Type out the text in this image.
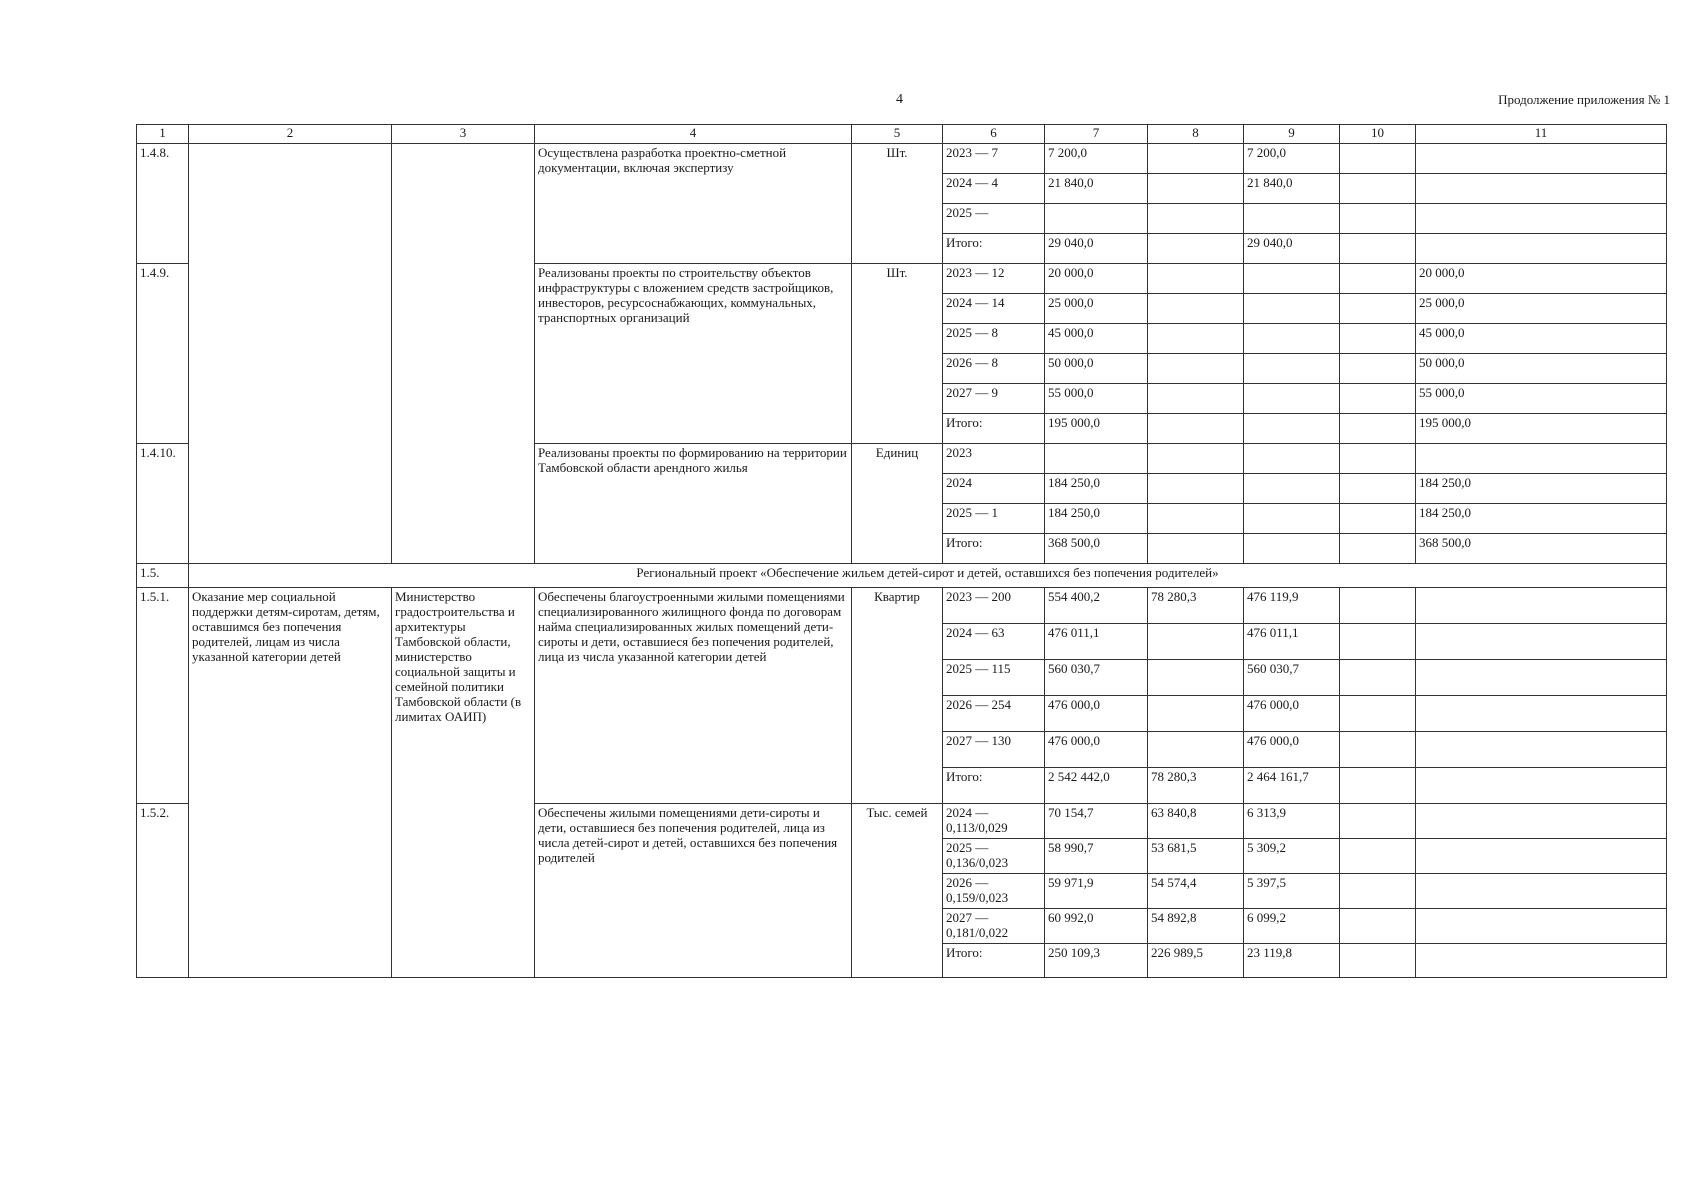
4	Продолжение приложения № 1
1	2	3	4	5	6	7	8	9	10	11
1.4.8.			Осуществлена разработка проектно-сметной документации, включая экспертизу	Шт.	2023 — 7	7 200,0		7 200,0		
					2024 — 4	21 840,0		21 840,0		
					2025 —					
					Итого:	29 040,0		29 040,0		
1.4.9.			Реализованы проекты по строительству объектов инфраструктуры с вложением средств застройщиков, инвесторов, ресурсоснабжающих, коммунальных, транспортных организаций	Шт.	2023 — 12	20 000,0				20 000,0
					2024 — 14	25 000,0				25 000,0
					2025 — 8	45 000,0				45 000,0
					2026 — 8	50 000,0				50 000,0
					2027 — 9	55 000,0				55 000,0
					Итого:	195 000,0				195 000,0
1.4.10.			Реализованы проекты по формированию на территории Тамбовской области арендного жилья	Единиц	2023					
					2024	184 250,0				184 250,0
					2025 — 1	184 250,0				184 250,0
					Итого:	368 500,0				368 500,0
1.5.	Региональный проект «Обеспечение жильем детей-сирот и детей, оставшихся без попечения родителей»									
1.5.1.	Оказание мер социальной поддержки детям-сиротам, детям, оставшимся без попечения родителей, лицам из числа указанной категории детей	Министерство градостроительства и архитектуры Тамбовской области, министерство социальной защиты и семейной политики Тамбовской области (в лимитах ОАИП)	Обеспечены благоустроенными жилыми помещениями специализированного жилищного фонда по договорам найма специализированных жилых помещений дети-сироты и дети, оставшиеся без попечения родителей, лица из числа указанной категории детей	Квартир	2023 — 200	554 400,2	78 280,3	476 119,9		
					2024 — 63	476 011,1		476 011,1		
					2025 — 115	560 030,7		560 030,7		
					2026 — 254	476 000,0		476 000,0		
					2027 — 130	476 000,0		476 000,0		
					Итого:	2 542 442,0	78 280,3	2 464 161,7		
1.5.2.			Обеспечены жилыми помещениями дети-сироты и дети, оставшиеся без попечения родителей, лица из числа детей-сирот и детей, оставшихся без попечения родителей	Тыс. семей	2024 — 0,113/0,029	70 154,7	63 840,8	6 313,9		
					2025 — 0,136/0,023	58 990,7	53 681,5	5 309,2		
					2026 — 0,159/0,023	59 971,9	54 574,4	5 397,5		
					2027 — 0,181/0,022	60 992,0	54 892,8	6 099,2		
					Итого:	250 109,3	226 989,5	23 119,8		
